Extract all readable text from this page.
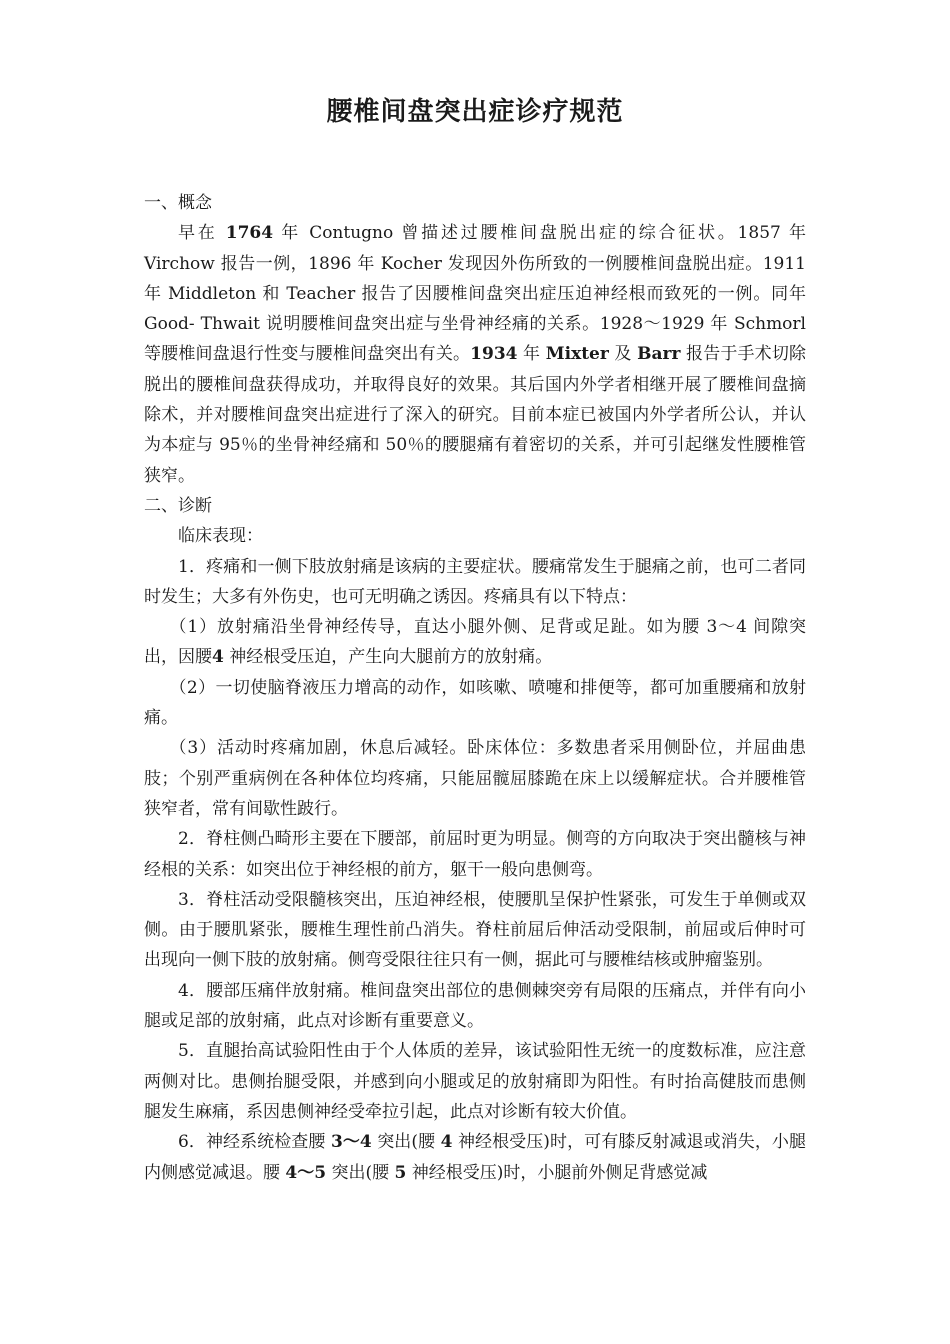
腰椎间盘突出症诊疗规范

一、概念

早在 1764 年 Contugno 曾描述过腰椎间盘脱出症的综合征状。1857 年 Virchow 报告一例，1896 年 Kocher 发现因外伤所致的一例腰椎间盘脱出症。1911 年 Middleton 和 Teacher 报告了因腰椎间盘突出症压迫神经根而致死的一例。同年 Good- Thwait 说明腰椎间盘突出症与坐骨神经痛的关系。1928～1929 年 Schmorl 等腰椎间盘退行性变与腰椎间盘突出有关。1934 年 Mixter 及 Barr 报告于手术切除脱出的腰椎间盘获得成功，并取得良好的效果。其后国内外学者相继开展了腰椎间盘摘除术，并对腰椎间盘突出症进行了深入的研究。目前本症已被国内外学者所公认，并认为本症与 95％的坐骨神经痛和 50％的腰腿痛有着密切的关系，并可引起继发性腰椎管狭窄。

二、诊断

临床表现：

1．疼痛和一侧下肢放射痛是该病的主要症状。腰痛常发生于腿痛之前，也可二者同时发生；大多有外伤史，也可无明确之诱因。疼痛具有以下特点：

（1）放射痛沿坐骨神经传导，直达小腿外侧、足背或足趾。如为腰 3～4 间隙突出，因腰4 神经根受压迫，产生向大腿前方的放射痛。

（2）一切使脑脊液压力增高的动作，如咳嗽、喷嚏和排便等，都可加重腰痛和放射痛。

（3）活动时疼痛加剧，休息后减轻。卧床体位：多数患者采用侧卧位，并屈曲患肢；个别严重病例在各种体位均疼痛，只能屈髋屈膝跪在床上以缓解症状。合并腰椎管狭窄者，常有间歇性跛行。

2．脊柱侧凸畸形主要在下腰部，前屈时更为明显。侧弯的方向取决于突出髓核与神经根的关系：如突出位于神经根的前方，躯干一般向患侧弯。

3．脊柱活动受限髓核突出，压迫神经根，使腰肌呈保护性紧张，可发生于单侧或双侧。由于腰肌紧张，腰椎生理性前凸消失。脊柱前屈后伸活动受限制，前屈或后伸时可出现向一侧下肢的放射痛。侧弯受限往往只有一侧，据此可与腰椎结核或肿瘤鉴别。

4．腰部压痛伴放射痛。椎间盘突出部位的患侧棘突旁有局限的压痛点，并伴有向小腿或足部的放射痛，此点对诊断有重要意义。

5．直腿抬高试验阳性由于个人体质的差异，该试验阳性无统一的度数标准，应注意两侧对比。患侧抬腿受限，并感到向小腿或足的放射痛即为阳性。有时抬高健肢而患侧腿发生麻痛，系因患侧神经受牵拉引起，此点对诊断有较大价值。

6．神经系统检查腰 3～4 突出(腰 4 神经根受压)时，可有膝反射减退或消失，小腿内侧感觉减退。腰 4～5 突出(腰 5 神经根受压)时，小腿前外侧足背感觉减
